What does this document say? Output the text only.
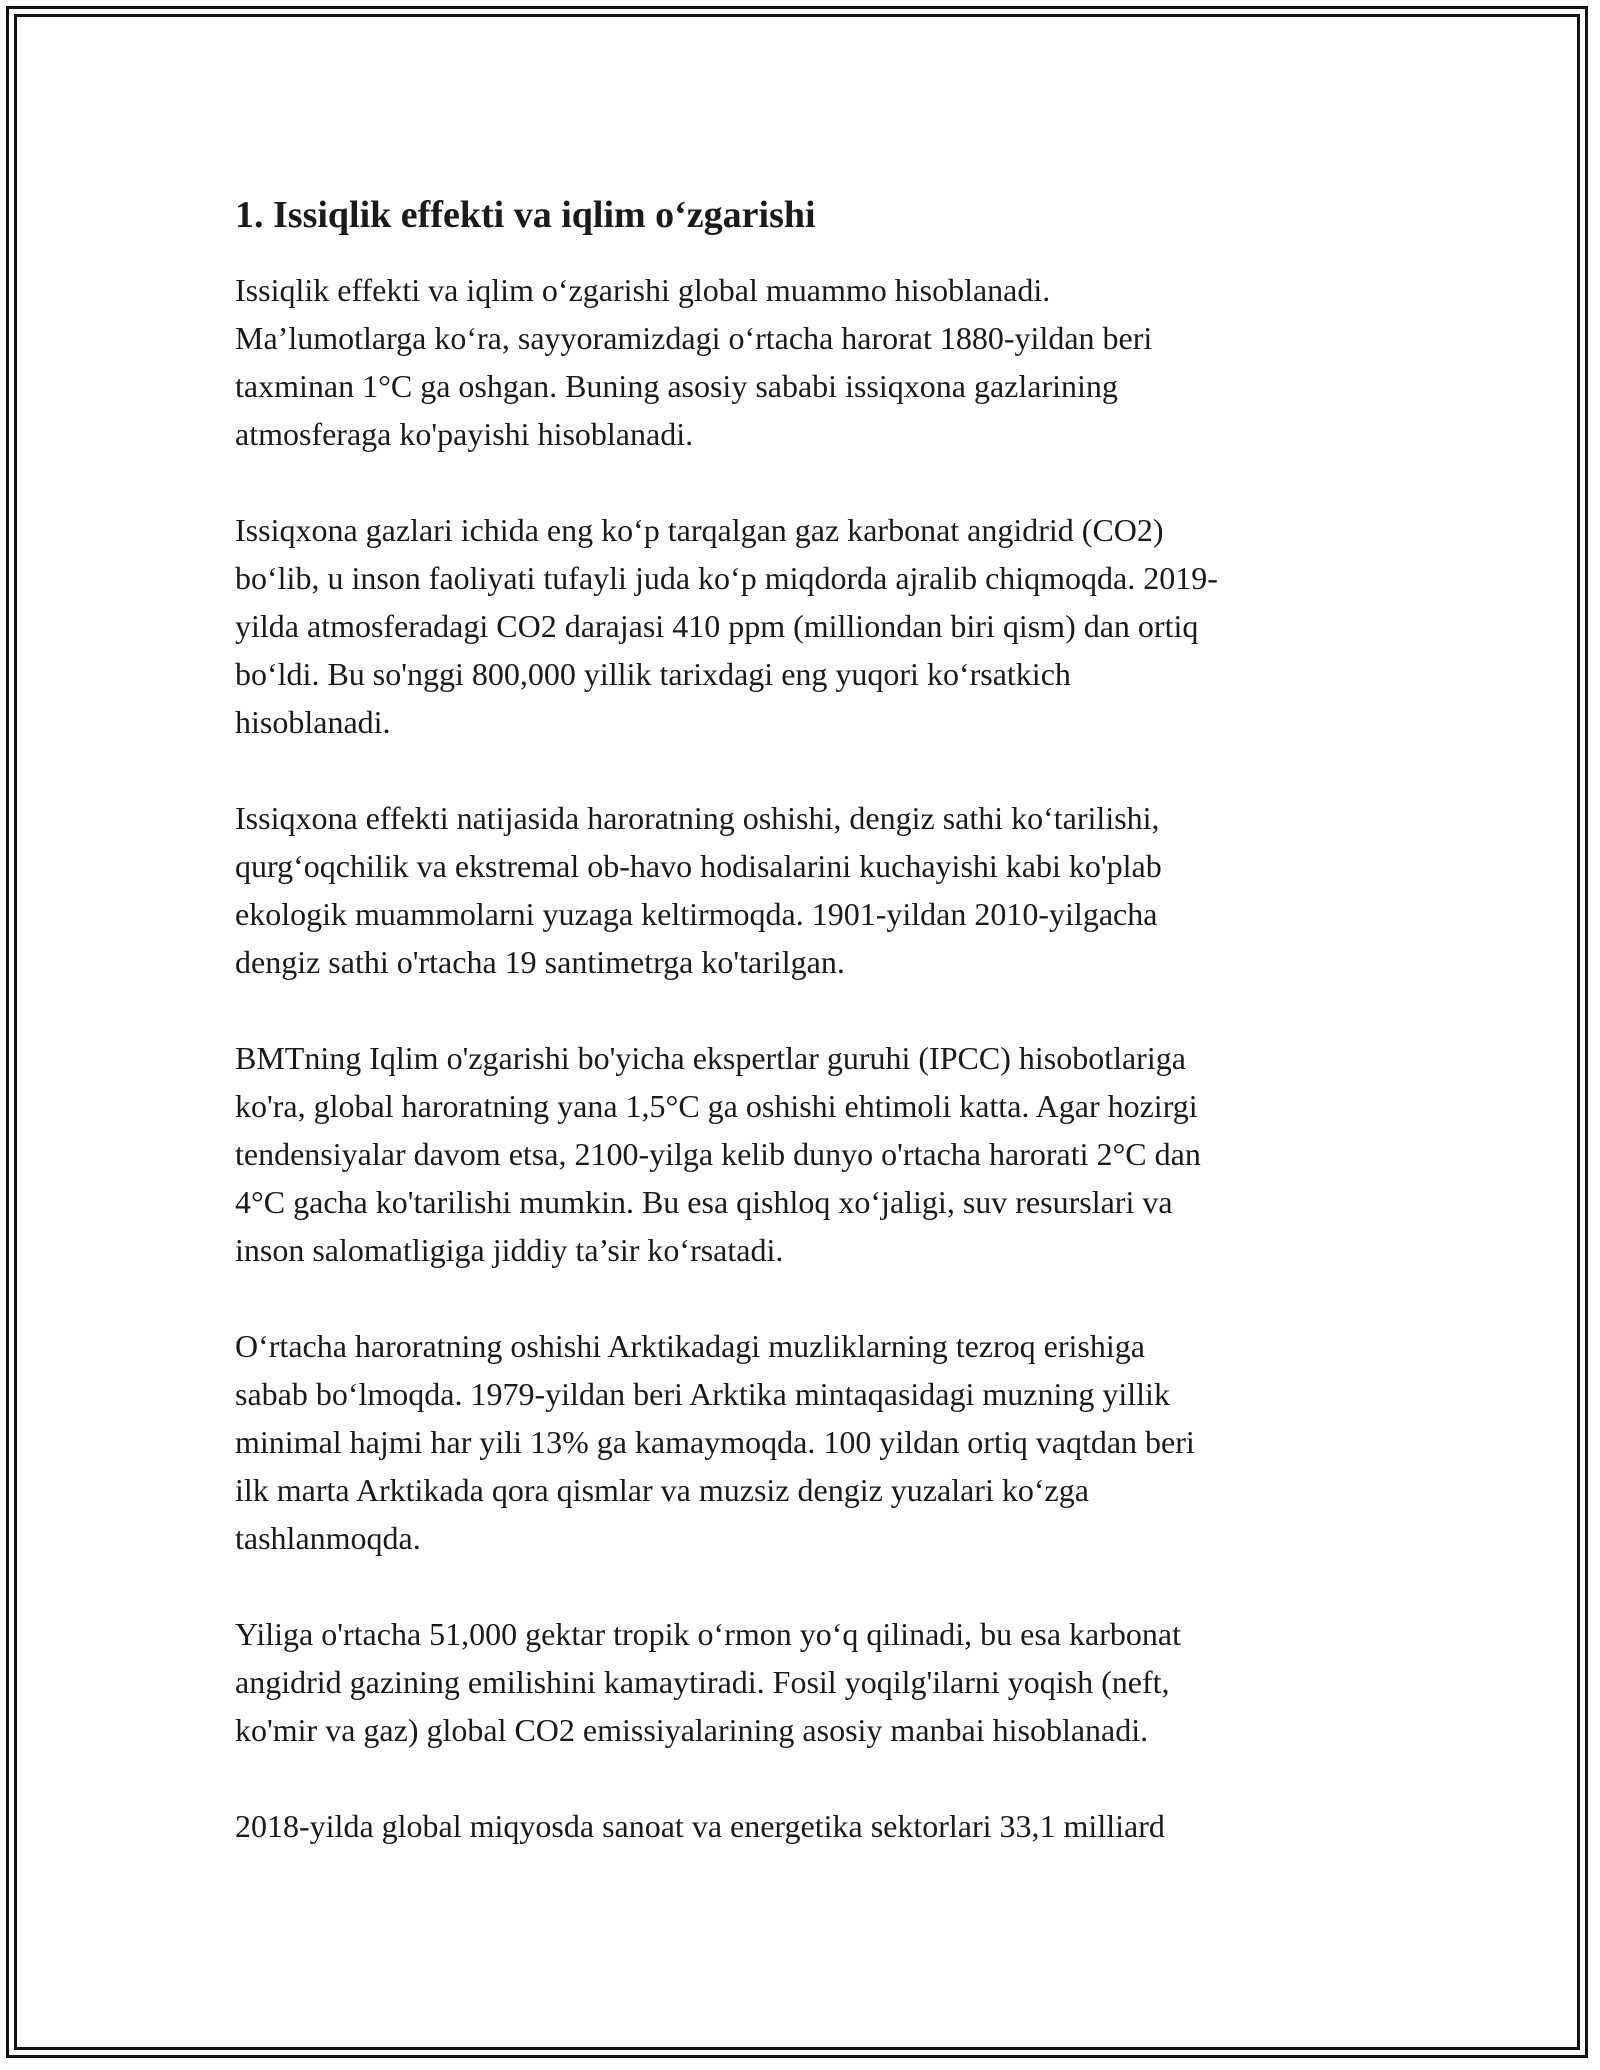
1. Issiqlik effekti va iqlim o‘zgarishi

Issiqlik effekti va iqlim o‘zgarishi global muammo hisoblanadi.
Ma’lumotlarga ko‘ra, sayyoramizdagi o‘rtacha harorat 1880-yildan beri
taxminan 1°C ga oshgan. Buning asosiy sababi issiqxona gazlarining
atmosferaga ko'payishi hisoblanadi.

Issiqxona gazlari ichida eng ko‘p tarqalgan gaz karbonat angidrid (CO2)
bo‘lib, u inson faoliyati tufayli juda ko‘p miqdorda ajralib chiqmoqda. 2019-
yilda atmosferadagi CO2 darajasi 410 ppm (milliondan biri qism) dan ortiq
bo‘ldi. Bu so'nggi 800,000 yillik tarixdagi eng yuqori ko‘rsatkich
hisoblanadi.

Issiqxona effekti natijasida haroratning oshishi, dengiz sathi ko‘tarilishi,
qurg‘oqchilik va ekstremal ob-havo hodisalarini kuchayishi kabi ko'plab
ekologik muammolarni yuzaga keltirmoqda. 1901-yildan 2010-yilgacha
dengiz sathi o'rtacha 19 santimetrga ko'tarilgan.

BMTning Iqlim o'zgarishi bo'yicha ekspertlar guruhi (IPCC) hisobotlariga
ko'ra, global haroratning yana 1,5°C ga oshishi ehtimoli katta. Agar hozirgi
tendensiyalar davom etsa, 2100-yilga kelib dunyo o'rtacha harorati 2°C dan
4°C gacha ko'tarilishi mumkin. Bu esa qishloq xo‘jaligi, suv resurslari va
inson salomatligiga jiddiy ta’sir ko‘rsatadi.

O‘rtacha haroratning oshishi Arktikadagi muzliklarning tezroq erishiga
sabab bo‘lmoqda. 1979-yildan beri Arktika mintaqasidagi muzning yillik
minimal hajmi har yili 13% ga kamaymoqda. 100 yildan ortiq vaqtdan beri
ilk marta Arktikada qora qismlar va muzsiz dengiz yuzalari ko‘zga
tashlanmoqda.

Yiliga o'rtacha 51,000 gektar tropik o‘rmon yo‘q qilinadi, bu esa karbonat
angidrid gazining emilishini kamaytiradi. Fosil yoqilg'ilarni yoqish (neft,
ko'mir va gaz) global CO2 emissiyalarining asosiy manbai hisoblanadi.

2018-yilda global miqyosda sanoat va energetika sektorlari 33,1 milliard
